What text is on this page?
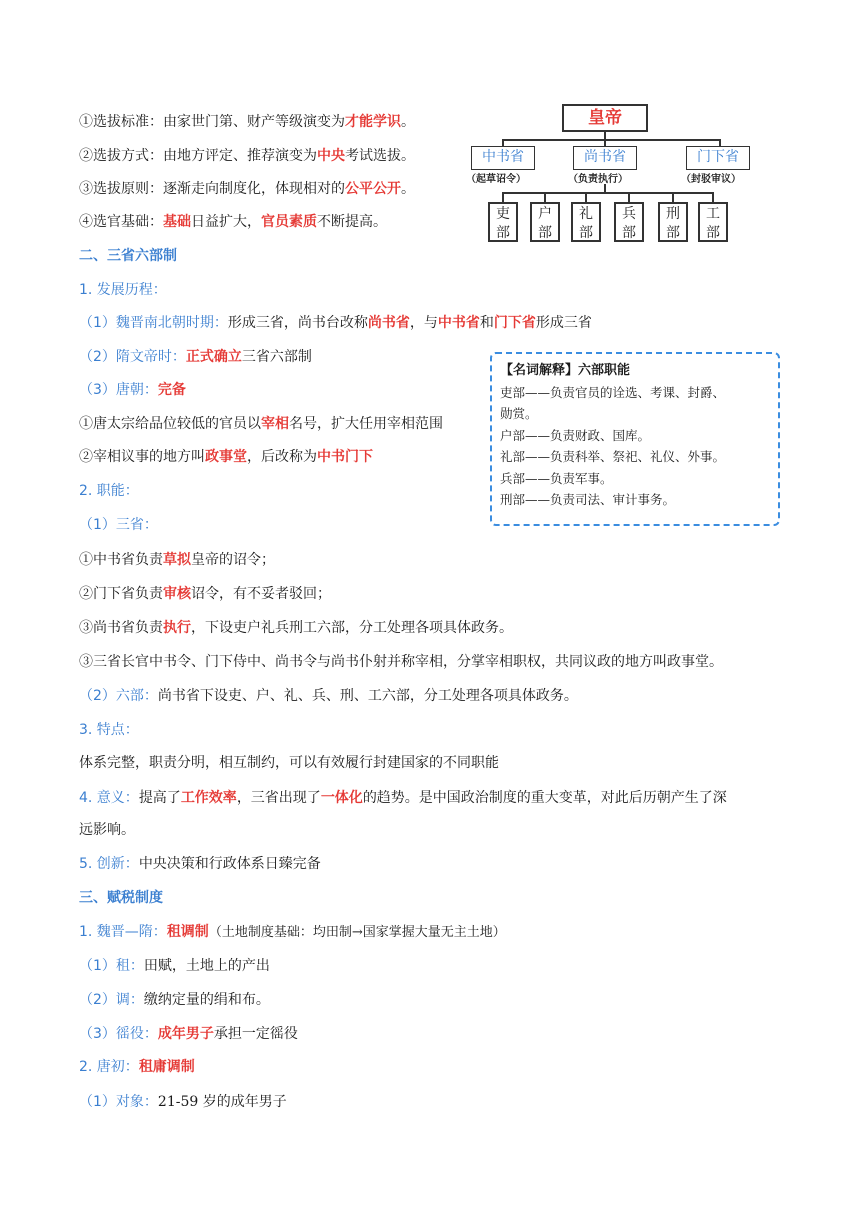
①选拔标准：由家世门第、财产等级演变为才能学识。
②选拔方式：由地方评定、推荐演变为中央考试选拔。
③选拔原则：逐渐走向制度化，体现相对的公平公开。
④选官基础：基础日益扩大，官员素质不断提高。
皇帝
中书省	尚书省	门下省
（起草诏令）	（负责执行）	（封驳审议）
吏
部
户
部
礼
部
兵
部
刑
部
工
部
二、三省六部制
1. 发展历程：
（1）魏晋南北朝时期：形成三省，尚书台改称尚书省，与中书省和门下省形成三省
（2）隋文帝时：正式确立三省六部制
（3）唐朝：完备
①唐太宗给品位较低的官员以宰相名号，扩大任用宰相范围
②宰相议事的地方叫政事堂，后改称为中书门下
【名词解释】六部职能
吏部——负责官员的诠选、考课、封爵、
勋赏。
户部——负责财政、国库。
礼部——负责科举、祭祀、礼仪、外事。
兵部——负责军事。
刑部——负责司法、审计事务。
2. 职能：
（1）三省：
①中书省负责草拟皇帝的诏令；
②门下省负责审核诏令，有不妥者驳回；
③尚书省负责执行，下设吏户礼兵刑工六部，分工处理各项具体政务。
③三省长官中书令、门下侍中、尚书令与尚书仆射并称宰相，分掌宰相职权，共同议政的地方叫政事堂。
（2）六部：尚书省下设吏、户、礼、兵、刑、工六部，分工处理各项具体政务。
3. 特点：
体系完整，职责分明，相互制约，可以有效履行封建国家的不同职能
4. 意义：提高了工作效率，三省出现了一体化的趋势。是中国政治制度的重大变革，对此后历朝产生了深
远影响。
5. 创新：中央决策和行政体系日臻完备
三、赋税制度
1. 魏晋—隋：租调制（土地制度基础：均田制→国家掌握大量无主土地）
（1）租：田赋，土地上的产出
（2）调：缴纳定量的绢和布。
（3）徭役：成年男子承担一定徭役
2. 唐初：租庸调制
（1）对象：21-59 岁的成年男子
